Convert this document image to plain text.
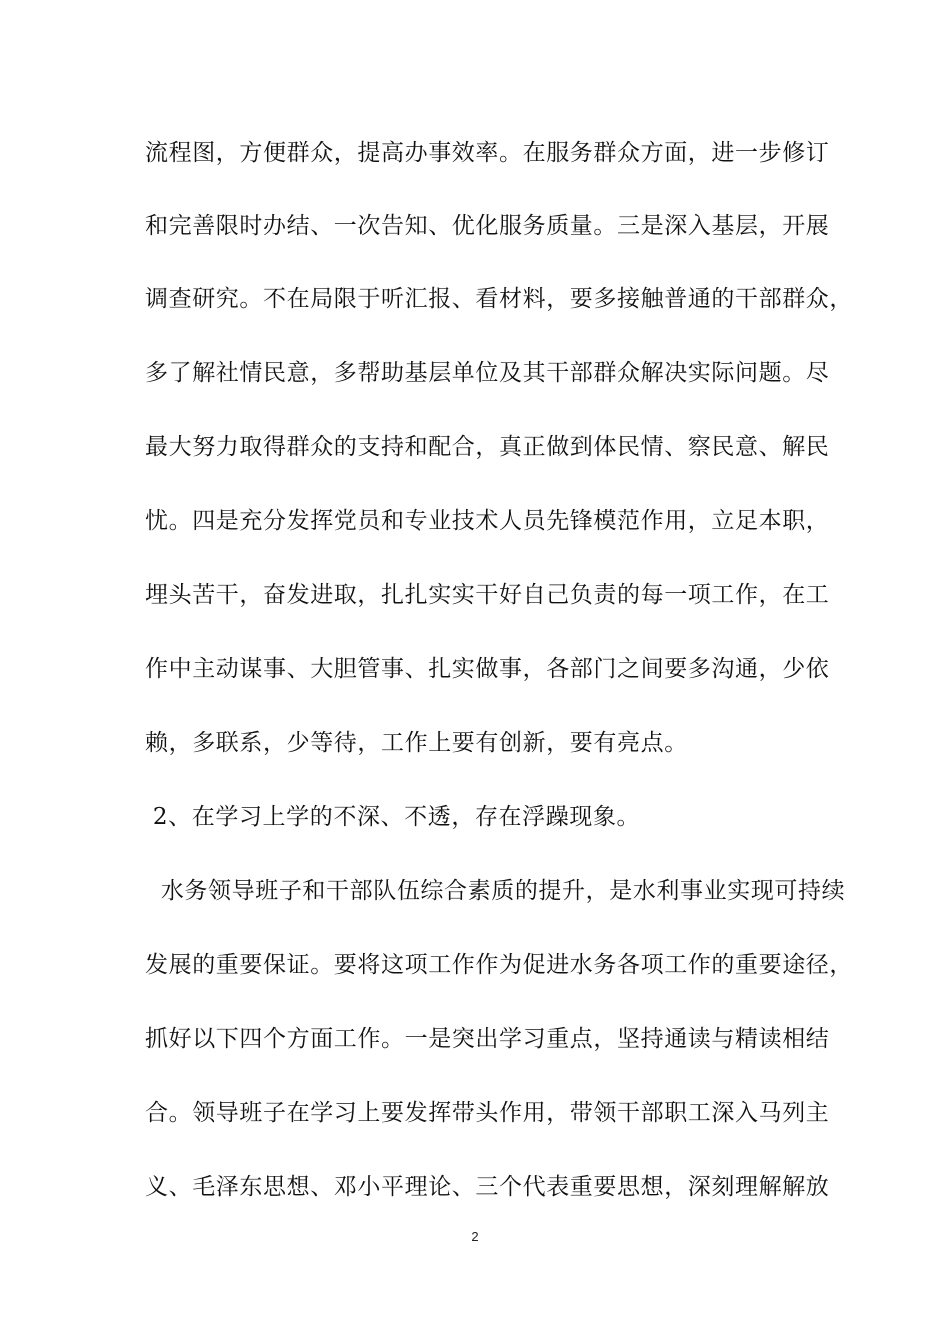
流程图，方便群众，提高办事效率。在服务群众方面，进一步修订
和完善限时办结、一次告知、优化服务质量。三是深入基层，开展
调查研究。不在局限于听汇报、看材料，要多接触普通的干部群众，
多了解社情民意，多帮助基层单位及其干部群众解决实际问题。尽
最大努力取得群众的支持和配合，真正做到体民情、察民意、解民
忧。四是充分发挥党员和专业技术人员先锋模范作用，立足本职，
埋头苦干，奋发进取，扎扎实实干好自己负责的每一项工作，在工
作中主动谋事、大胆管事、扎实做事，各部门之间要多沟通，少依
赖，多联系，少等待，工作上要有创新，要有亮点。
2、在学习上学的不深、不透，存在浮躁现象。
水务领导班子和干部队伍综合素质的提升，是水利事业实现可持续
发展的重要保证。要将这项工作作为促进水务各项工作的重要途径，
抓好以下四个方面工作。一是突出学习重点，坚持通读与精读相结
合。领导班子在学习上要发挥带头作用，带领干部职工深入马列主
义、毛泽东思想、邓小平理论、三个代表重要思想，深刻理解解放
2
